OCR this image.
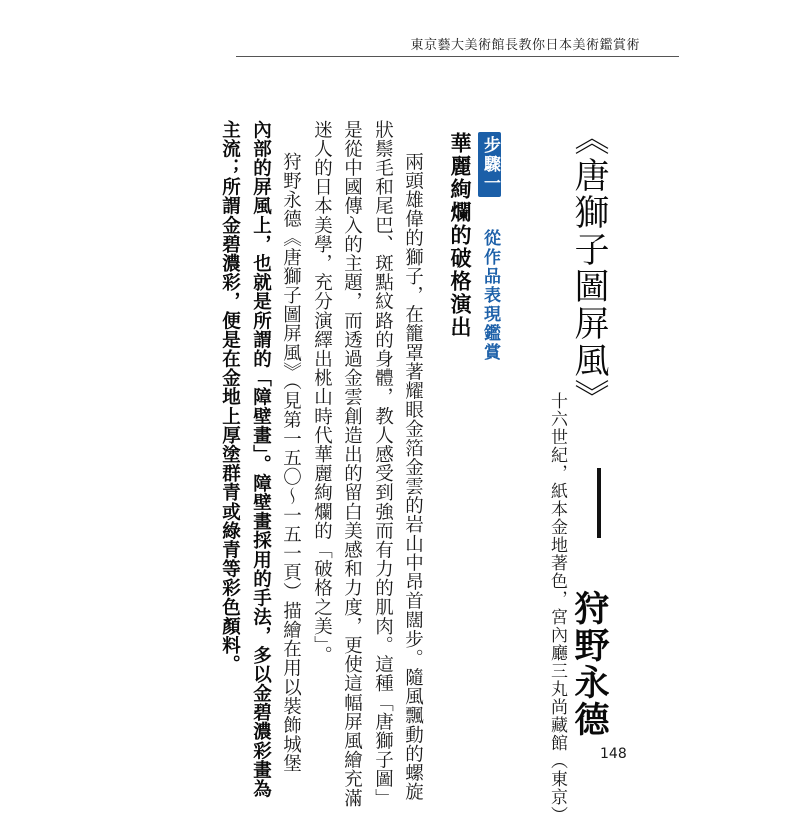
東京藝大美術館長教你日本美術鑑賞術
《唐獅子圖屏風》  狩野永德
十六世紀，紙本金地著色，宮內廳三丸尚藏館（東京）
步驟一 從作品表現鑑賞
華麗絢爛的破格演出
兩頭雄偉的獅子，在籠罩著耀眼金箔金雲的岩山中昂首闊步。隨風飄動的螺旋
狀鬃毛和尾巴、斑點紋路的身體，教人感受到強而有力的肌肉。這種「唐獅子圖」
是從中國傳入的主題，而透過金雲創造出的留白美感和力度，更使這幅屏風繪充滿
迷人的日本美學，充分演繹出桃山時代華麗絢爛的「破格之美」。
狩野永德《唐獅子圖屏風》（見第一五〇～一五一頁）描繪在用以裝飾城堡
內部的屏風上，也就是所謂的「障壁畫」。障壁畫採用的手法，多以金碧濃彩畫為
主流；所謂金碧濃彩，便是在金地上厚塗群青或綠青等彩色顏料。
148
